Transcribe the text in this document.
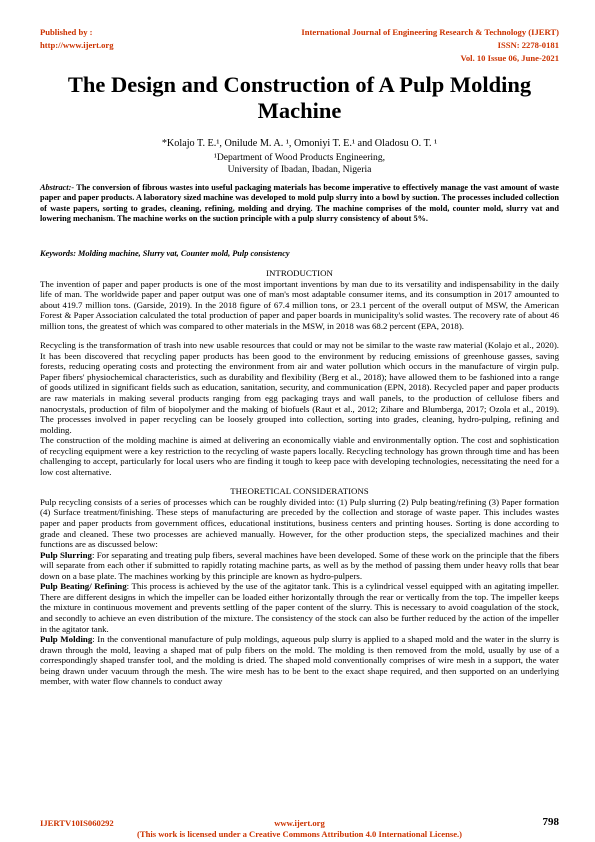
Published by :
http://www.ijert.org
International Journal of Engineering Research & Technology (IJERT)
ISSN: 2278-0181
Vol. 10 Issue 06, June-2021
The Design and Construction of A Pulp Molding Machine
*Kolajo T. E.¹, Onilude M. A. ¹, Omoniyi T. E.¹ and Oladosu O. T. ¹
¹Department of Wood Products Engineering,
University of Ibadan, Ibadan, Nigeria
Abstract:- The conversion of fibrous wastes into useful packaging materials has become imperative to effectively manage the vast amount of waste paper and paper products. A laboratory sized machine was developed to mold pulp slurry into a bowl by suction. The processes included collection of waste papers, sorting to grades, cleaning, refining, molding and drying. The machine comprises of the mold, counter mold, slurry vat and lowering mechanism. The machine works on the suction principle with a pulp slurry consistency of about 5%.
Keywords: Molding machine, Slurry vat, Counter mold, Pulp consistency

INTRODUCTION

The invention of paper and paper products is one of the most important inventions by man due to its versatility and indispensability in the daily life of man. The worldwide paper and paper output was one of man's most adaptable consumer items, and its consumption in 2017 amounted to about 419.7 million tons. (Garside, 2019). In the 2018 figure of 67.4 million tons, or 23.1 percent of the overall output of MSW, the American Forest & Paper Association calculated the total production of paper and paper boards in municipality's solid wastes. The recovery rate of about 46 million tons, the greatest of which was compared to other materials in the MSW, in 2018 was 68.2 percent (EPA, 2018).

Recycling is the transformation of trash into new usable resources that could or may not be similar to the waste raw material (Kolajo et al., 2020). It has been discovered that recycling paper products has been good to the environment by reducing emissions of greenhouse gasses, saving forests, reducing operating costs and protecting the environment from air and water pollution which occurs in the manufacture of virgin pulp. Paper fibers' physiochemical characteristics, such as durability and flexibility (Berg et al., 2018); have allowed them to be fashioned into a range of goods utilized in significant fields such as education, sanitation, security, and communication (EPN, 2018). Recycled paper and paper products are raw materials in making several products ranging from egg packaging trays and wall panels, to the production of cellulose fibers and nanocrystals, production of film of biopolymer and the making of biofuels (Raut et al., 2012; Zihare and Blumberga, 2017; Ozola et al., 2019). The processes involved in paper recycling can be loosely grouped into collection, sorting into grades, cleaning, hydro-pulping, refining and molding.

The construction of the molding machine is aimed at delivering an economically viable and environmentally option. The cost and sophistication of recycling equipment were a key restriction to the recycling of waste papers locally. Recycling technology has grown through time and has been challenging to accept, particularly for local users who are finding it tough to keep pace with developing technologies, necessitating the need for a low cost alternative.

THEORETICAL CONSIDERATIONS

Pulp recycling consists of a series of processes which can be roughly divided into: (1) Pulp slurring (2) Pulp beating/refining (3) Paper formation (4) Surface treatment/finishing. These steps of manufacturing are preceded by the collection and storage of waste paper. This includes wastes paper and paper products from government offices, educational institutions, business centers and printing houses. Sorting is done according to grade and cleaned. These two processes are achieved manually. However, for the other production steps, the specialized machines and their functions are as discussed below:

Pulp Slurring: For separating and treating pulp fibers, several machines have been developed. Some of these work on the principle that the fibers will separate from each other if submitted to rapidly rotating machine parts, as well as by the method of passing them under heavy rolls that bear down on a base plate. The machines working by this principle are known as hydro-pulpers.

Pulp Beating/ Refining: This process is achieved by the use of the agitator tank. This is a cylindrical vessel equipped with an agitating impeller. There are different designs in which the impeller can be loaded either horizontally through the rear or vertically from the top. The impeller keeps the mixture in continuous movement and prevents settling of the paper content of the slurry. This is necessary to avoid coagulation of the stock, and secondly to achieve an even distribution of the mixture. The consistency of the stock can also be further reduced by the action of the impeller in the agitator tank.

Pulp Molding: In the conventional manufacture of pulp moldings, aqueous pulp slurry is applied to a shaped mold and the water in the slurry is drawn through the mold, leaving a shaped mat of pulp fibers on the mold. The molding is then removed from the mold, usually by use of a correspondingly shaped transfer tool, and the molding is dried. The shaped mold conventionally comprises of wire mesh in a support, the water being drawn under vacuum through the mesh. The wire mesh has to be bent to the exact shape required, and then supported on an underlying member, with water flow channels to conduct away

IJERTV10IS060292	www.ijert.org	798
(This work is licensed under a Creative Commons Attribution 4.0 International License.)
